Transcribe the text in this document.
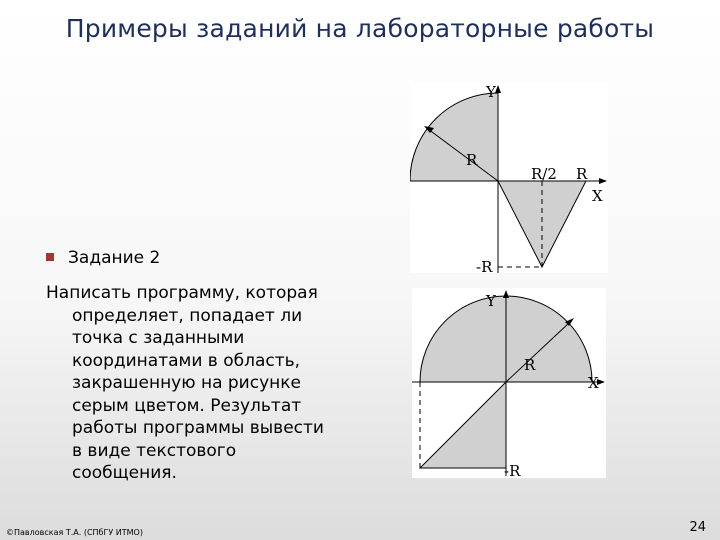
Примеры заданий на лабораторные работы
Y
R
R/2 R
X
-R
Y
R
X
-R
Задание 2
Написать программу, которая
определяет, попадает ли
точка с заданными
координатами в область,
закрашенную на рисунке
серым цветом. Результат
работы программы вывести
в виде текстового
сообщения.
©Павловская Т.А. (СПбГУ ИТМО)	24
